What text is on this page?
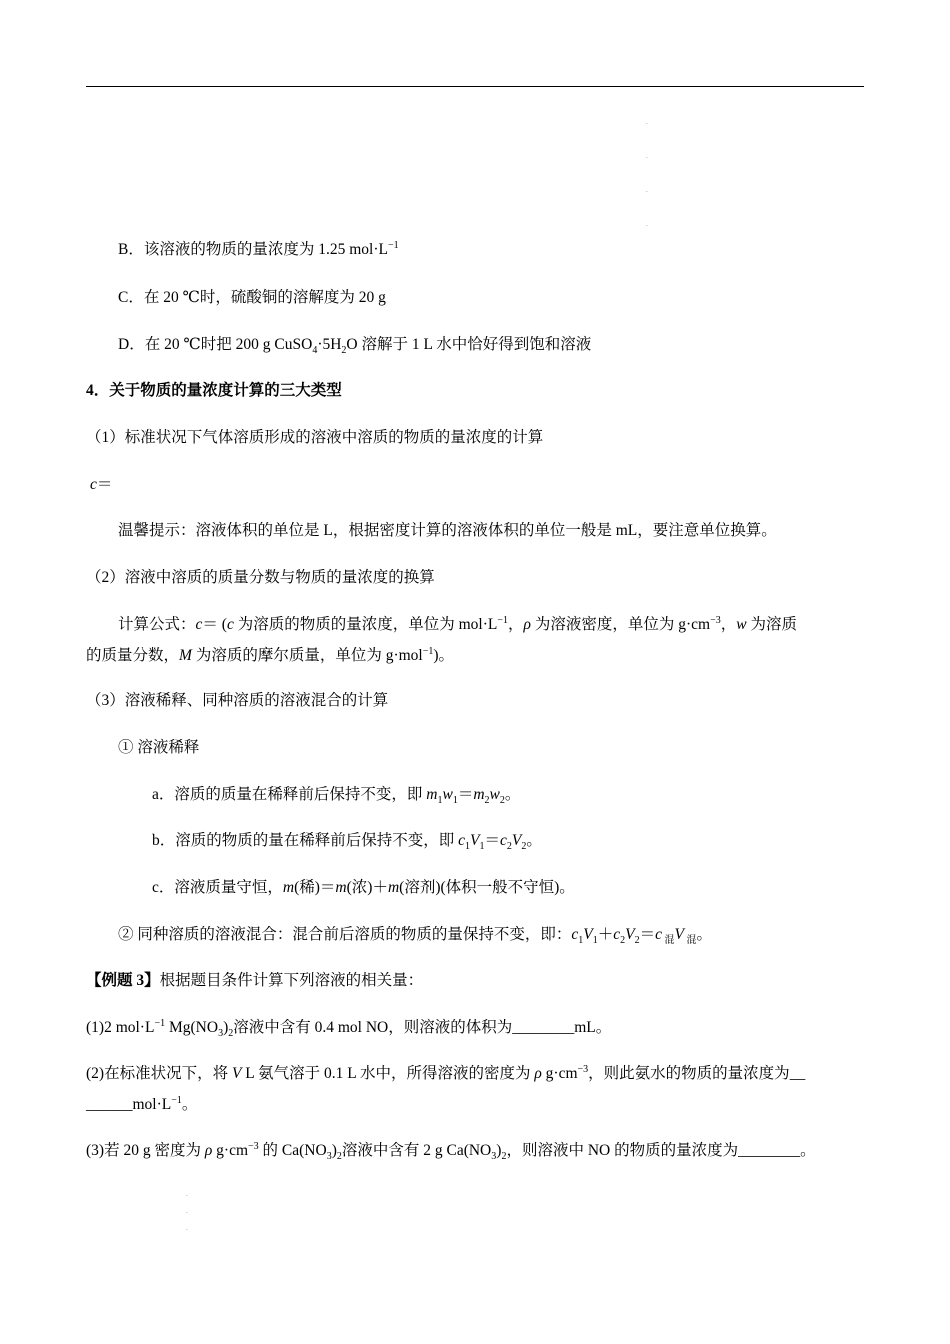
.
.
.
.
B．该溶液的物质的量浓度为 1.25 $mol\cdot L^{-1}$
C．在 20 ℃时，硫酸铜的溶解度为 20 g
D．在 20 ℃时把 200 g $CuSO_4\cdot 5H_2O$ 溶解于 1 L 水中恰好得到饱和溶液
4．关于物质的量浓度计算的三大类型
（1）标准状况下气体溶质形成的溶液中溶质的物质的量浓度的计算
c＝
温馨提示：溶液体积的单位是 L，根据密度计算的溶液体积的单位一般是 mL，要注意单位换算。
（2）溶液中溶质的质量分数与物质的量浓度的换算
计算公式：c＝ (c 为溶质的物质的量浓度，单位为 $mol\cdot L^{-1}$，ρ 为溶液密度，单位为 $g\cdot cm^{-3}$，w 为溶质
的质量分数，M 为溶质的摩尔质量，单位为 g·mol$^{-1}$)。
（3）溶液稀释、同种溶质的溶液混合的计算
① 溶液稀释
a．溶质的质量在稀释前后保持不变，即 $m_1w_1=m_2w_2$。
b．溶质的物质的量在稀释前后保持不变，即 $c_1V_1=c_2V_2$。
c．溶液质量守恒，m(稀)＝m(浓)＋m(溶剂)(体积一般不守恒)。
② 同种溶质的溶液混合：混合前后溶质的物质的量保持不变，即：$c_1V_1+c_2V_2=c$ $_混$V $_混$。
【例题 3】根据题目条件计算下列溶液的相关量：
(1)2 $mol\cdot L^{-1}$ $Mg(NO_3)_2$溶液中含有 0.4 mol NO，则溶液的体积为________mL。
(2)在标准状况下，将 V L 氨气溶于 0.1 L 水中，所得溶液的密度为 ρ $g\cdot cm^{-3}$，则此氨水的物质的量浓度为__
$\_\_\_\_\_\_mol\cdot L^{-1}$。
(3)若 20 g 密度为 ρ $g\cdot cm^{-3}$ 的 $Ca(NO_3)_2$溶液中含有 2 g $Ca(NO_3)_2$，则溶液中 NO 的物质的量浓度为________。
.
.
.
